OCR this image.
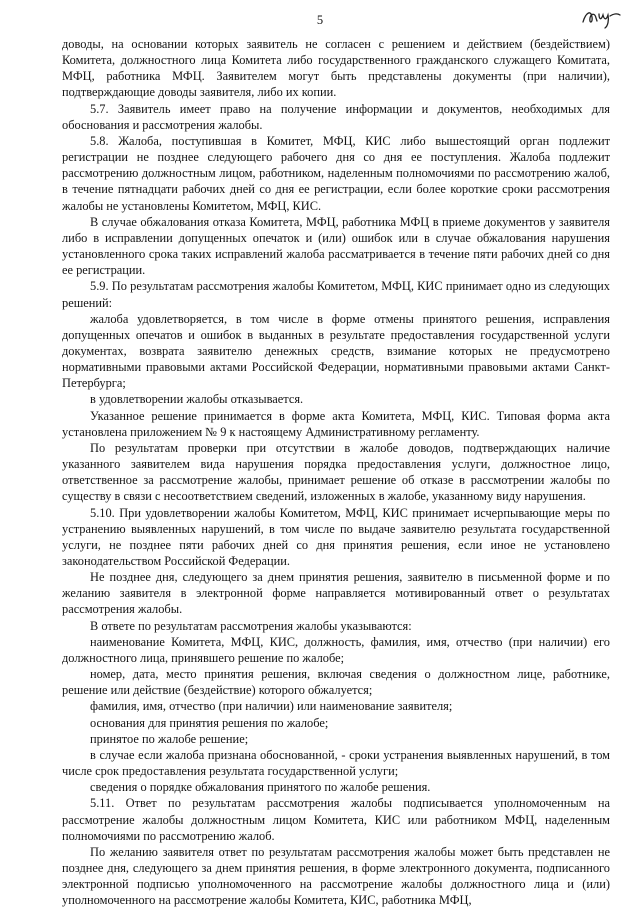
5

доводы, на основании которых заявитель не согласен с решением и действием (бездействием) Комитета, должностного лица Комитета либо государственного гражданского служащего Комитата, МФЦ, работника МФЦ. Заявителем могут быть представлены документы (при наличии), подтверждающие доводы заявителя, либо их копии.

5.7. Заявитель имеет право на получение информации и документов, необходимых для обоснования и рассмотрения жалобы.

5.8. Жалоба, поступившая в Комитет, МФЦ, КИС либо вышестоящий орган подлежит регистрации не позднее следующего рабочего дня со дня ее поступления. Жалоба подлежит рассмотрению должностным лицом, работником, наделенным полномочиями по рассмотрению жалоб, в течение пятнадцати рабочих дней со дня ее регистрации, если более короткие сроки рассмотрения жалобы не установлены Комитетом, МФЦ, КИС.

В случае обжалования отказа Комитета, МФЦ, работника МФЦ в приеме документов у заявителя либо в исправлении допущенных опечаток и (или) ошибок или в случае обжалования нарушения установленного срока таких исправлений жалоба рассматривается в течение пяти рабочих дней со дня ее регистрации.

5.9. По результатам рассмотрения жалобы Комитетом, МФЦ, КИС принимает одно из следующих решений:

жалоба удовлетворяется, в том числе в форме отмены принятого решения, исправления допущенных опечатов и ошибок в выданных в результате предоставления государственной услуги документах, возврата заявителю денежных средств, взимание которых не предусмотрено нормативными правовыми актами Российской Федерации, нормативными правовыми актами Санкт-Петербурга;

в удовлетворении жалобы отказывается.

Указанное решение принимается в форме акта Комитета, МФЦ, КИС. Типовая форма акта установлена приложением № 9 к настоящему Административному регламенту.

По результатам проверки при отсутствии в жалобе доводов, подтверждающих наличие указанного заявителем вида нарушения порядка предоставления услуги, должностное лицо, ответственное за рассмотрение жалобы, принимает решение об отказе в рассмотрении жалобы по существу в связи с несоответствием сведений, изложенных в жалобе, указанному виду нарушения.

5.10. При удовлетворении жалобы Комитетом, МФЦ, КИС принимает исчерпывающие меры по устранению выявленных нарушений, в том числе по выдаче заявителю результата государственной услуги, не позднее пяти рабочих дней со дня принятия решения, если иное не установлено законодательством Российской Федерации.

Не позднее дня, следующего за днем принятия решения, заявителю в письменной форме и по желанию заявителя в электронной форме направляется мотивированный ответ о результатах рассмотрения жалобы.

В ответе по результатам рассмотрения жалобы указываются:

наименование Комитета, МФЦ, КИС, должность, фамилия, имя, отчество (при наличии) его должностного лица, принявшего решение по жалобе;

номер, дата, место принятия решения, включая сведения о должностном лице, работнике, решение или действие (бездействие) которого обжалуется;

фамилия, имя, отчество (при наличии) или наименование заявителя;

основания для принятия решения по жалобе;

принятое по жалобе решение;

в случае если жалоба признана обоснованной, - сроки устранения выявленных нарушений, в том числе срок предоставления результата государственной услуги;

сведения о порядке обжалования принятого по жалобе решения.

5.11. Ответ по результатам рассмотрения жалобы подписывается уполномоченным на рассмотрение жалобы должностным лицом Комитета, КИС или работником МФЦ, наделенным полномочиями по рассмотрению жалоб.

По желанию заявителя ответ по результатам рассмотрения жалобы может быть представлен не позднее дня, следующего за днем принятия решения, в форме электронного документа, подписанного электронной подписью уполномоченного на рассмотрение жалобы должностного лица и (или) уполномоченного на рассмотрение жалобы Комитета, КИС, работника МФЦ,
